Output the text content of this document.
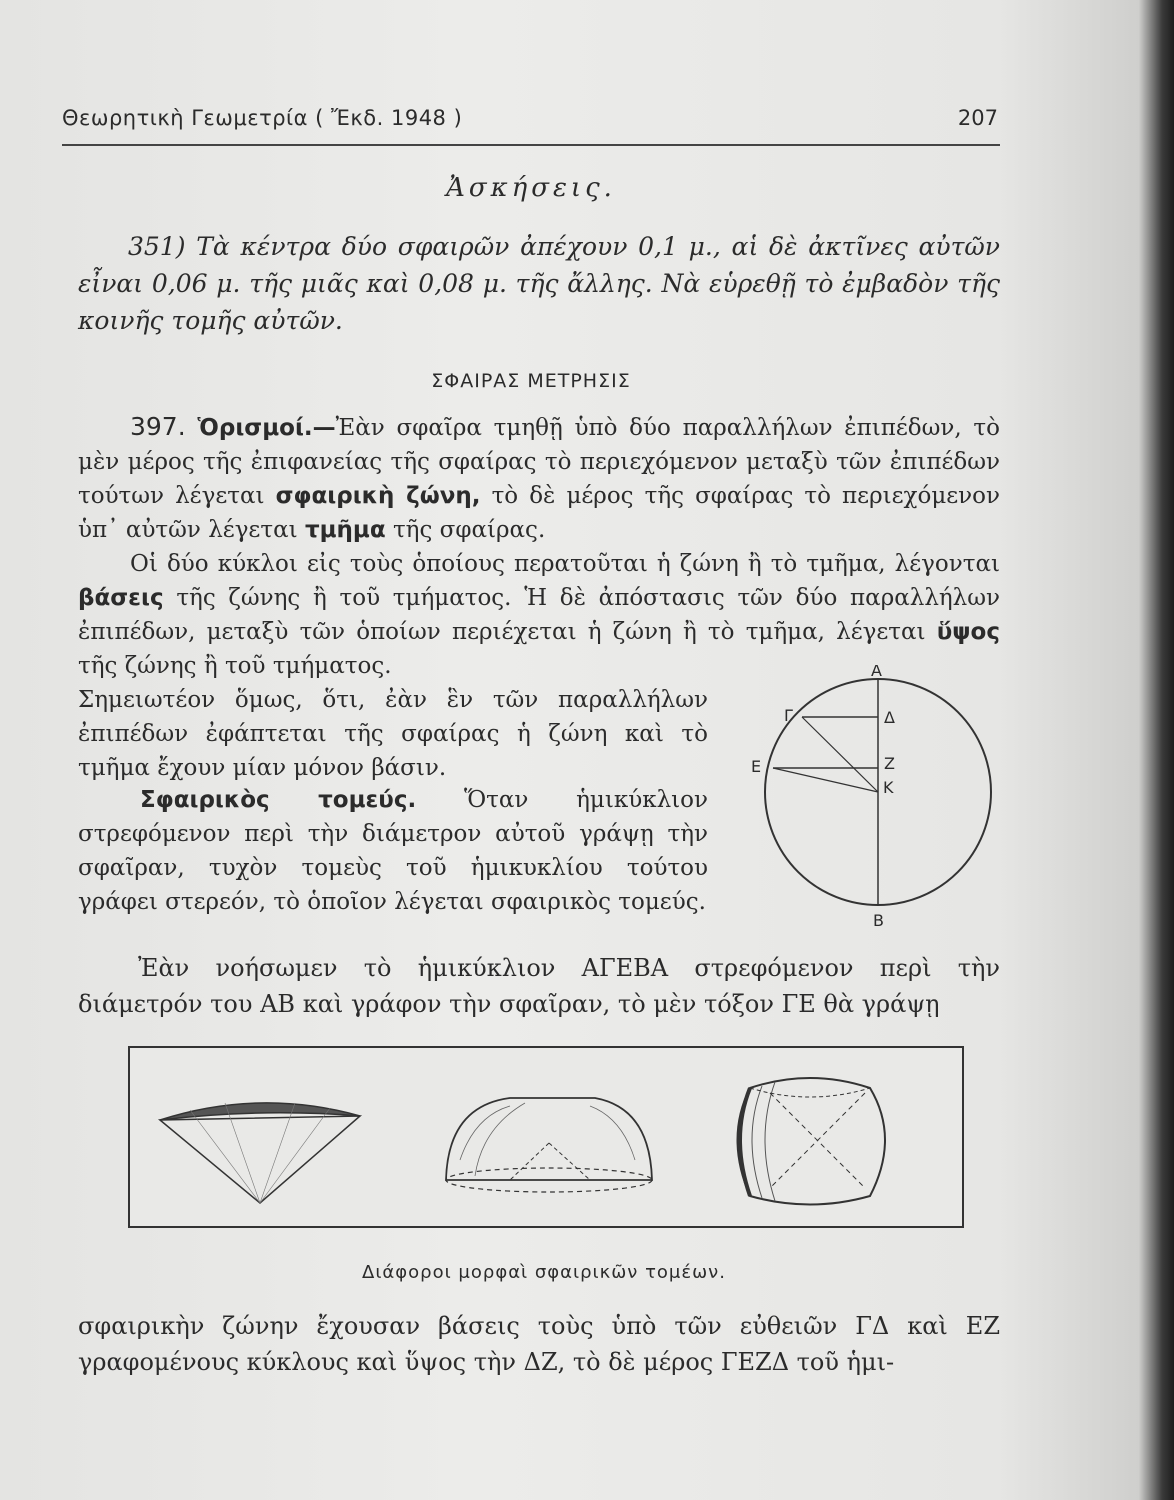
Θεωρητικὴ Γεωμετρία ( Ἔκδ. 1948 )	207
Ἀσκήσεις.
351) Τὰ κέντρα δύο σφαιρῶν ἀπέχουν 0,1 μ., αἱ δὲ ἀκτῖνες αὐτῶν εἶναι 0,06 μ. τῆς μιᾶς καὶ 0,08 μ. τῆς ἄλλης. Νὰ εὑρεθῇ τὸ ἐμβαδὸν τῆς κοινῆς τομῆς αὐτῶν.
ΣΦΑΙΡΑΣ ΜΕΤΡΗΣΙΣ
397. Ὁρισμοί.—Ἐὰν σφαῖρα τμηθῇ ὑπὸ δύο παραλλήλων ἐπιπέδων, τὸ μὲν μέρος τῆς ἐπιφανείας τῆς σφαίρας τὸ περιεχόμενον μεταξὺ τῶν ἐπιπέδων τούτων λέγεται σφαιρικὴ ζώνη, τὸ δὲ μέρος τῆς σφαίρας τὸ περιεχόμενον ὑπ᾽ αὐτῶν λέγεται τμῆμα τῆς σφαίρας.
Οἱ δύο κύκλοι εἰς τοὺς ὁποίους περατοῦται ἡ ζώνη ἢ τὸ τμῆμα, λέγονται βάσεις τῆς ζώνης ἢ τοῦ τμήματος. Ἡ δὲ ἀπόστασις τῶν δύο παραλλήλων ἐπιπέδων, μεταξὺ τῶν ὁποίων περιέχεται ἡ ζώνη ἢ τὸ τμῆμα, λέγεται ὕψος τῆς ζώνης ἢ τοῦ τμήματος.
Σημειωτέον ὅμως, ὅτι, ἐὰν ἓν τῶν παραλλήλων ἐπιπέδων ἐφάπτεται τῆς σφαίρας ἡ ζώνη καὶ τὸ τμῆμα ἔχουν μίαν μόνον βάσιν.
Σφαιρικὸς τομεύς. Ὅταν ἡμικύκλιον στρεφόμενον περὶ τὴν διάμετρον αὐτοῦ γράψῃ τὴν σφαῖραν, τυχὸν τομεὺς τοῦ ἡμικυκλίου τούτου γράφει στερεόν, τὸ ὁποῖον λέγεται σφαιρικὸς τομεύς.
A
Γ	Δ
E	Z
K
B
Ἐὰν νοήσωμεν τὸ ἡμικύκλιον ΑΓΕΒΑ στρεφόμενον περὶ τὴν διάμετρόν του ΑΒ καὶ γράφον τὴν σφαῖραν, τὸ μὲν τόξον ΓΕ θὰ γράψῃ
Διάφοροι μορφαὶ σφαιρικῶν τομέων.
σφαιρικὴν ζώνην ἔχουσαν βάσεις τοὺς ὑπὸ τῶν εὐθειῶν ΓΔ καὶ ΕΖ γραφομένους κύκλους καὶ ὕψος τὴν ΔΖ, τὸ δὲ μέρος ΓΕΖΔ τοῦ ἡμι-
